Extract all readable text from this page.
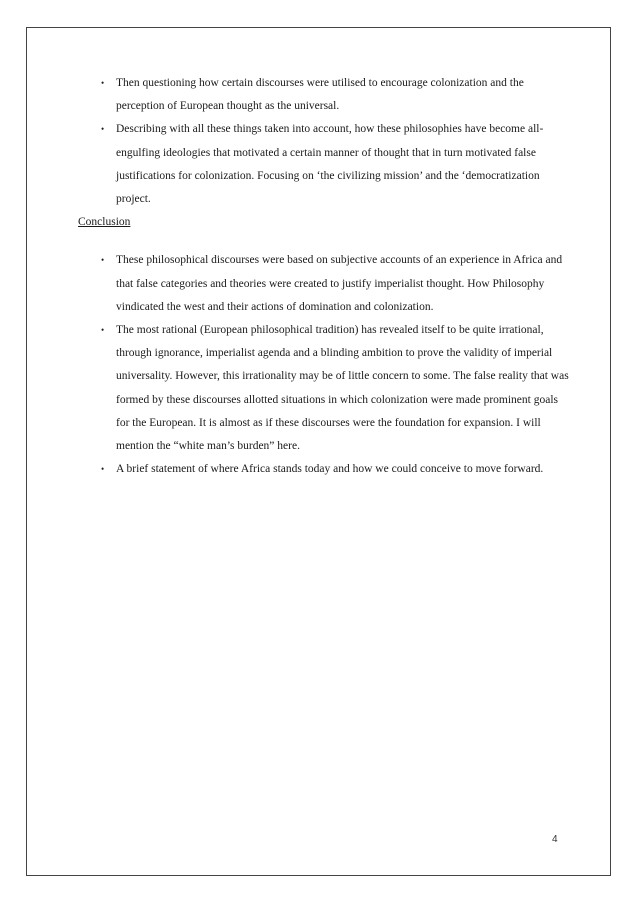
• Then questioning how certain discourses were utilised to encourage colonization and the perception of European thought as the universal.
• Describing with all these things taken into account, how these philosophies have become all-engulfing ideologies that motivated a certain manner of thought that in turn motivated false justifications for colonization. Focusing on ‘the civilizing mission’ and the ‘democratization project.
Conclusion
• These philosophical discourses were based on subjective accounts of an experience in Africa and that false categories and theories were created to justify imperialist thought. How Philosophy vindicated the west and their actions of domination and colonization.
• The most rational (European philosophical tradition) has revealed itself to be quite irrational, through ignorance, imperialist agenda and a blinding ambition to prove the validity of imperial universality. However, this irrationality may be of little concern to some. The false reality that was formed by these discourses allotted situations in which colonization were made prominent goals for the European. It is almost as if these discourses were the foundation for expansion. I will mention the “white man’s burden” here.
• A brief statement of where Africa stands today and how we could conceive to move forward.
4
